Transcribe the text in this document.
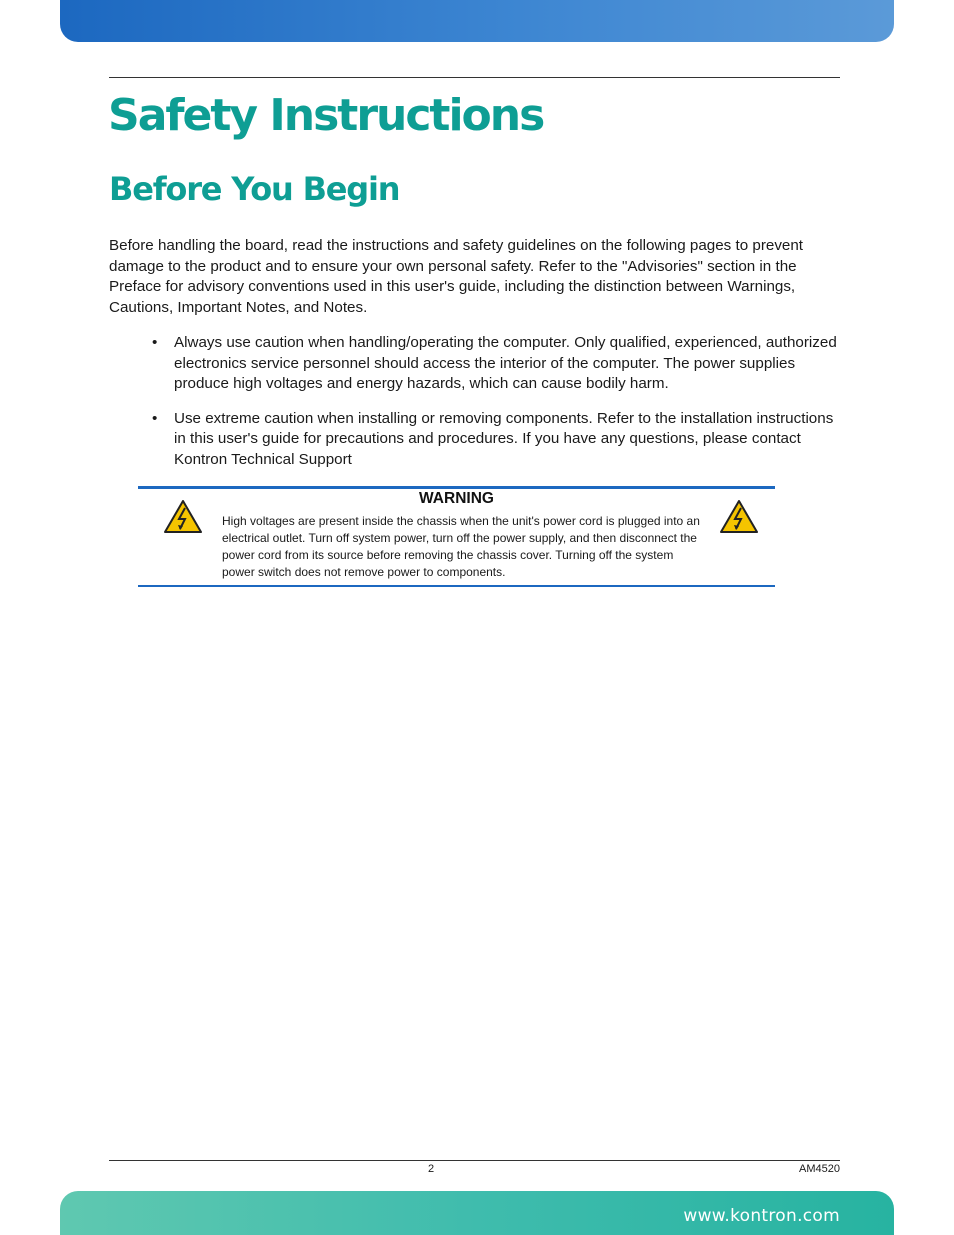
Safety Instructions
Before You Begin

Before handling the board, read the instructions and safety guidelines on the following pages to prevent damage to the product and to ensure your own personal safety. Refer to the "Advisories" section in the Preface for advisory conventions used in this user's guide, including the distinction between Warnings, Cautions, Important Notes, and Notes.

• Always use caution when handling/operating the computer. Only qualified, experienced, authorized electronics service personnel should access the interior of the computer. The power supplies produce high voltages and energy hazards, which can cause bodily harm.
• Use extreme caution when installing or removing components. Refer to the installation instructions in this user's guide for precautions and procedures. If you have any questions, please contact Kontron Technical Support
WARNING

High voltages are present inside the chassis when the unit's power cord is plugged into an electrical outlet. Turn off system power, turn off the power supply, and then disconnect the power cord from its source before removing the chassis cover. Turning off the system power switch does not remove power to components.

2	AM4520
www.kontron.com
